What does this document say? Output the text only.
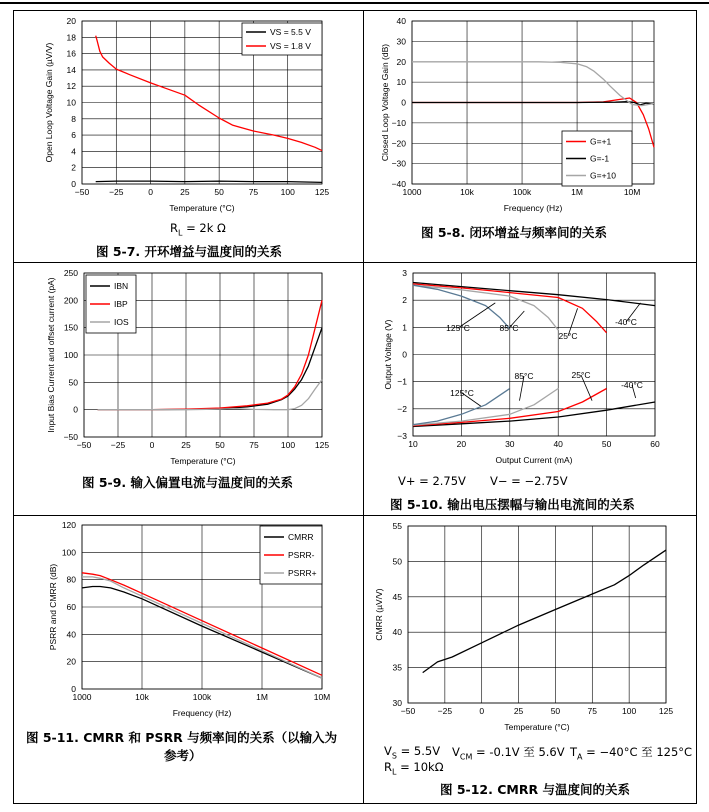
−50 −25	0	25	50	75	100 125
0
2
4
6
8
10
12
14
16
18
20
Temperature (°C)
Open Loop Voltage Gain (µV/V)
VS = 5.5 V
VS = 1.8 V
$R_L = 2k$ Ω
图 5-7. 开环增益与温度间的关系
1000	10k	100k	1M	10M
−40
−30
−20
−10
0
10
20
30
40
Frequency (Hz)
Closed Loop Voltage Gain (dB)	G=+1
G=-1
G=+10
图 5-8. 闭环增益与频率间的关系
−50 −25	0	25	50	75	100 125
−50
0
50
100
150
200
250
Temperature (°C)
Input Bias Current and offset current (pA)	IBN
IBP
IOS
图 5-9. 输入偏置电流与温度间的关系
10	20	30	40	50	60
−3
−2
−1
0
1
2
3
Output Current (mA)
Output Voltage (V)	125°C	85°C
25°C
-40°C
125°C
85°C	25°C
-40°C
V+ = 2.75V V− = −2.75V
图 5-10. 输出电压摆幅与输出电流间的关系
1000	10k	100k	1M	10M
0
20
40
60
80
100
120
Frequency (Hz)
PSRR and CMRR (dB)
CMRR
PSRR-
PSRR+
图 5-11. CMRR 和 PSRR 与频率间的关系（以输入为
参考）
−50	−25	0	25	50	75	100	125
30
35
40
45
50
55
Temperature (°C)
CMRR (µV/V)
$V_S = 5.5V$ $V_{CM} = -0.1V$ 至 5.6V $T_A = -40^\circ C$ 至 125°C
$R_L = 10k\Omega$
图 5-12. CMRR 与温度间的关系
